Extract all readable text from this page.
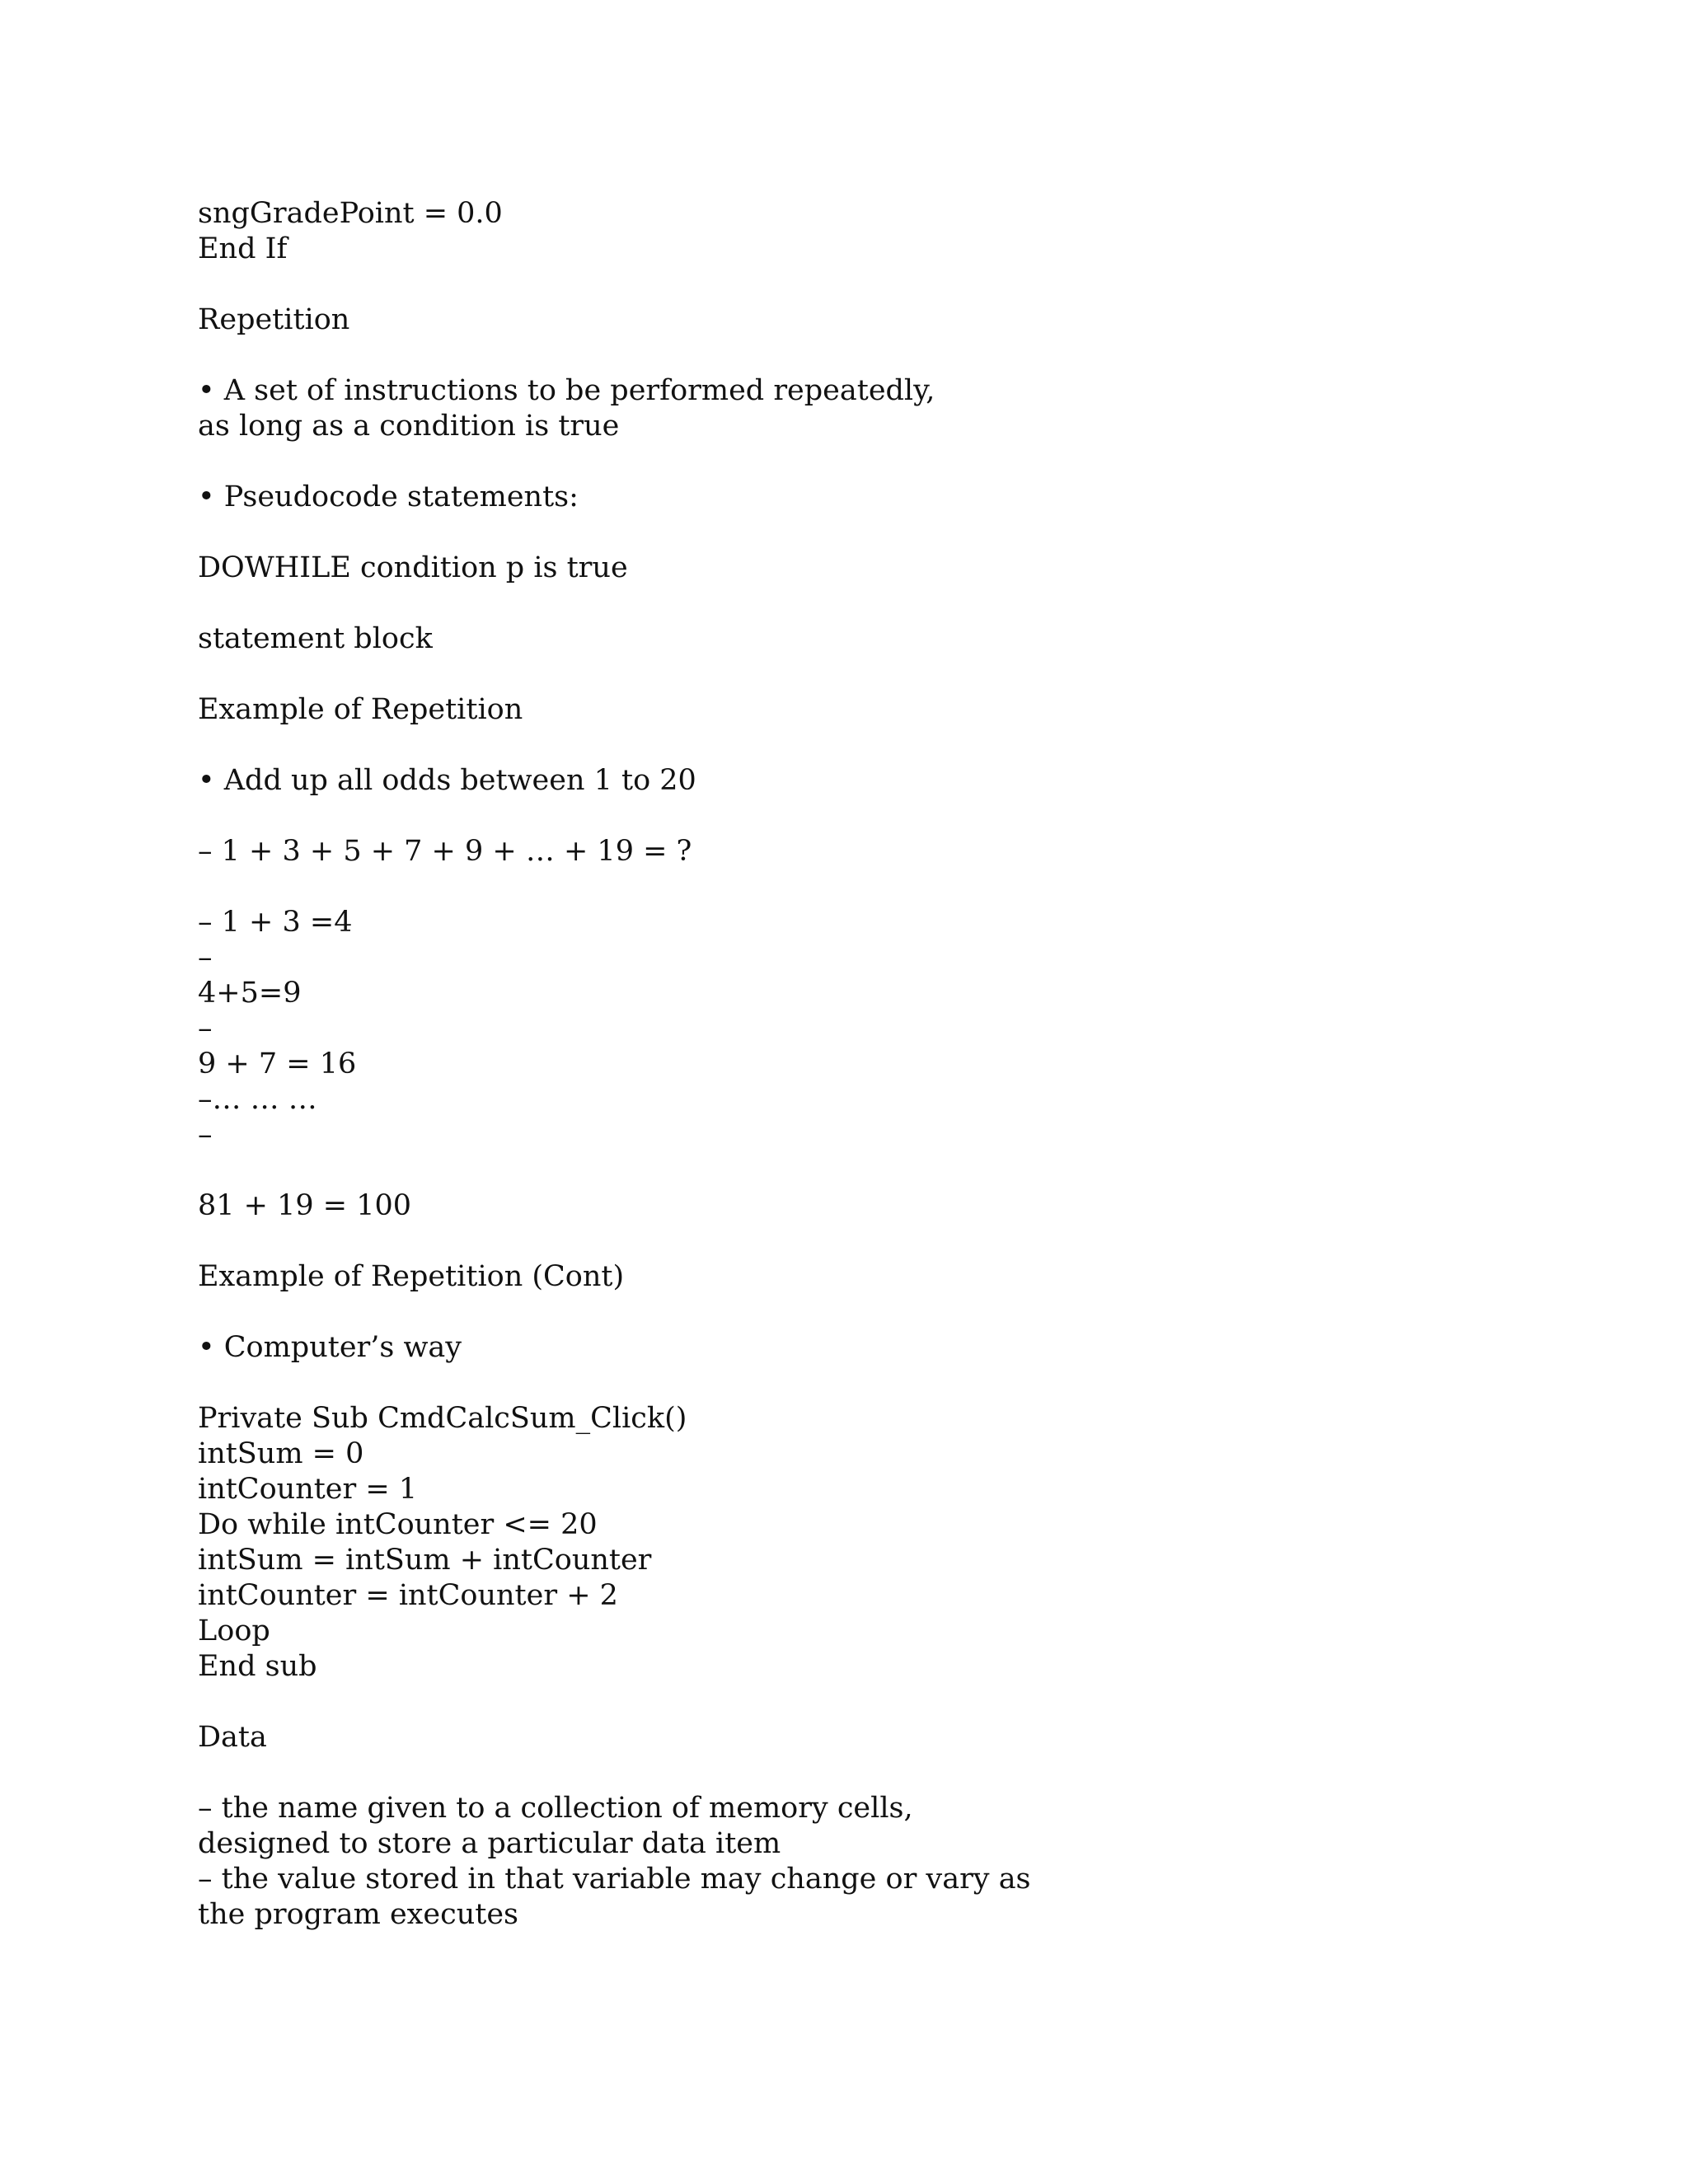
sngGradePoint = 0.0
End If
Repetition
• A set of instructions to be performed repeatedly,
as long as a condition is true
• Pseudocode statements:
DOWHILE condition p is true
statement block
Example of Repetition
• Add up all odds between 1 to 20
– 1 + 3 + 5 + 7 + 9 + … + 19 = ?
– 1 + 3 =4
–
4+5=9
–
9 + 7 = 16
–… … …
–
81 + 19 = 100
Example of Repetition (Cont)
• Computer’s way
Private Sub CmdCalcSum_Click()
intSum = 0
intCounter = 1
Do while intCounter <= 20
intSum = intSum + intCounter
intCounter = intCounter + 2
Loop
End sub
Data
– the name given to a collection of memory cells,
designed to store a particular data item
– the value stored in that variable may change or vary as
the program executes
